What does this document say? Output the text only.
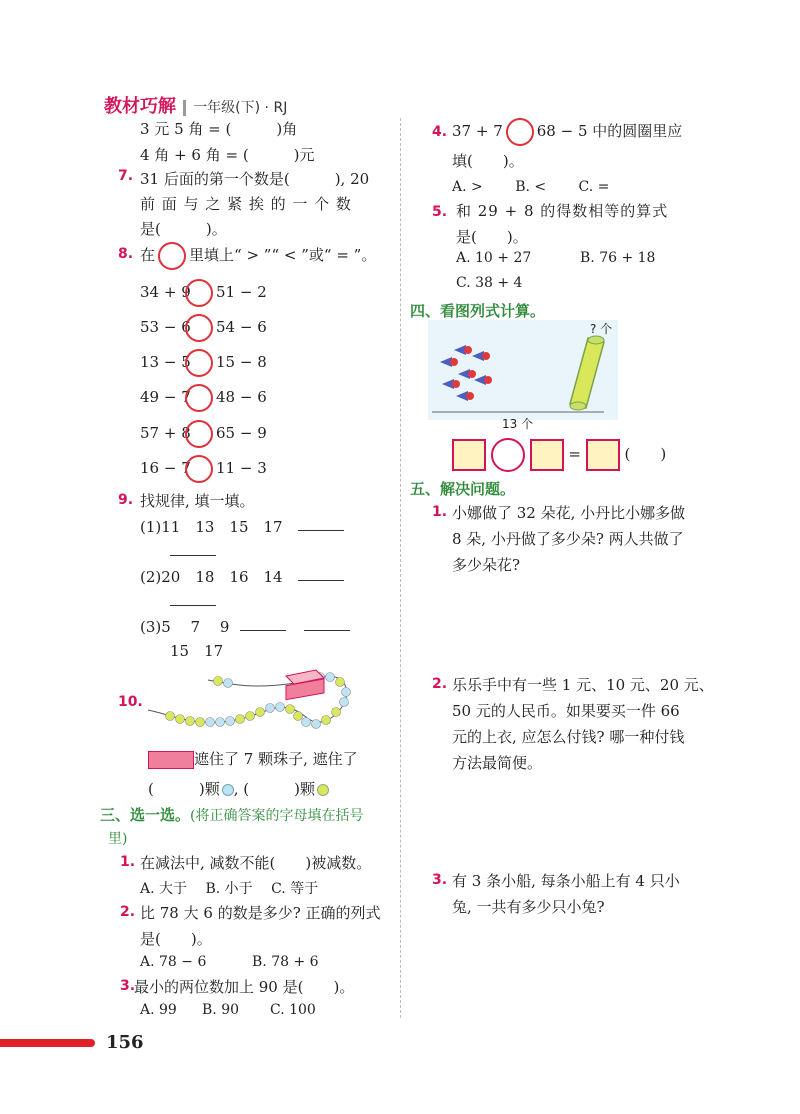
教材巧解 一年级(下) · RJ
3 元 5 角 = (　　　)角
4 角 + 6 角 = (　　　)元
7. 31 后面的第一个数是(　　　), 20
前 面 与 之 紧 挨 的 一 个 数
是(　　　)。
8. 在 里填上“ > ”“ < ”或“ = ”。
34 + 9 51 − 2
53 − 6 54 − 6
13 − 5 15 − 8
49 − 7 48 − 6
57 + 8 65 − 9
16 − 7 11 − 3
9. 找规律, 填一填。
(1)11　13　15　17
(2)20　18　16　14
(3)5　 7　 9
15　17
10.
遮住了 7 颗珠子, 遮住了
(　　　)颗 , (　　　)颗
三、选一选。(将正确答案的字母填在括号
里)
1. 在减法中, 减数不能(　　)被减数。
A. 大于　 B. 小于　 C. 等于
2. 比 78 大 6 的数是多少? 正确的列式
是(　　)。
A. 78 − 6	B. 78 + 6
3.
最小的两位数加上 90 是(　　)。
A. 99 B. 90 C. 100
4. 37 + 7 68 − 5 中的圆圈里应
填(　　)。
A. >　　 B. <　　 C. =
5. 和 29 + 8 的得数相等的算式
是(　　)。
A. 10 + 27	B. 76 + 18
C. 38 + 4
四、看图列式计算。
? 个
13 个
=	(　　)
五、解决问题。
1. 小娜做了 32 朵花, 小丹比小娜多做
8 朵, 小丹做了多少朵? 两人共做了
多少朵花?
2. 乐乐手中有一些 1 元、10 元、20 元、
50 元的人民币。如果要买一件 66
元的上衣, 应怎么付钱? 哪一种付钱
方法最简便。
3. 有 3 条小船, 每条小船上有 4 只小
兔, 一共有多少只小兔?
156
